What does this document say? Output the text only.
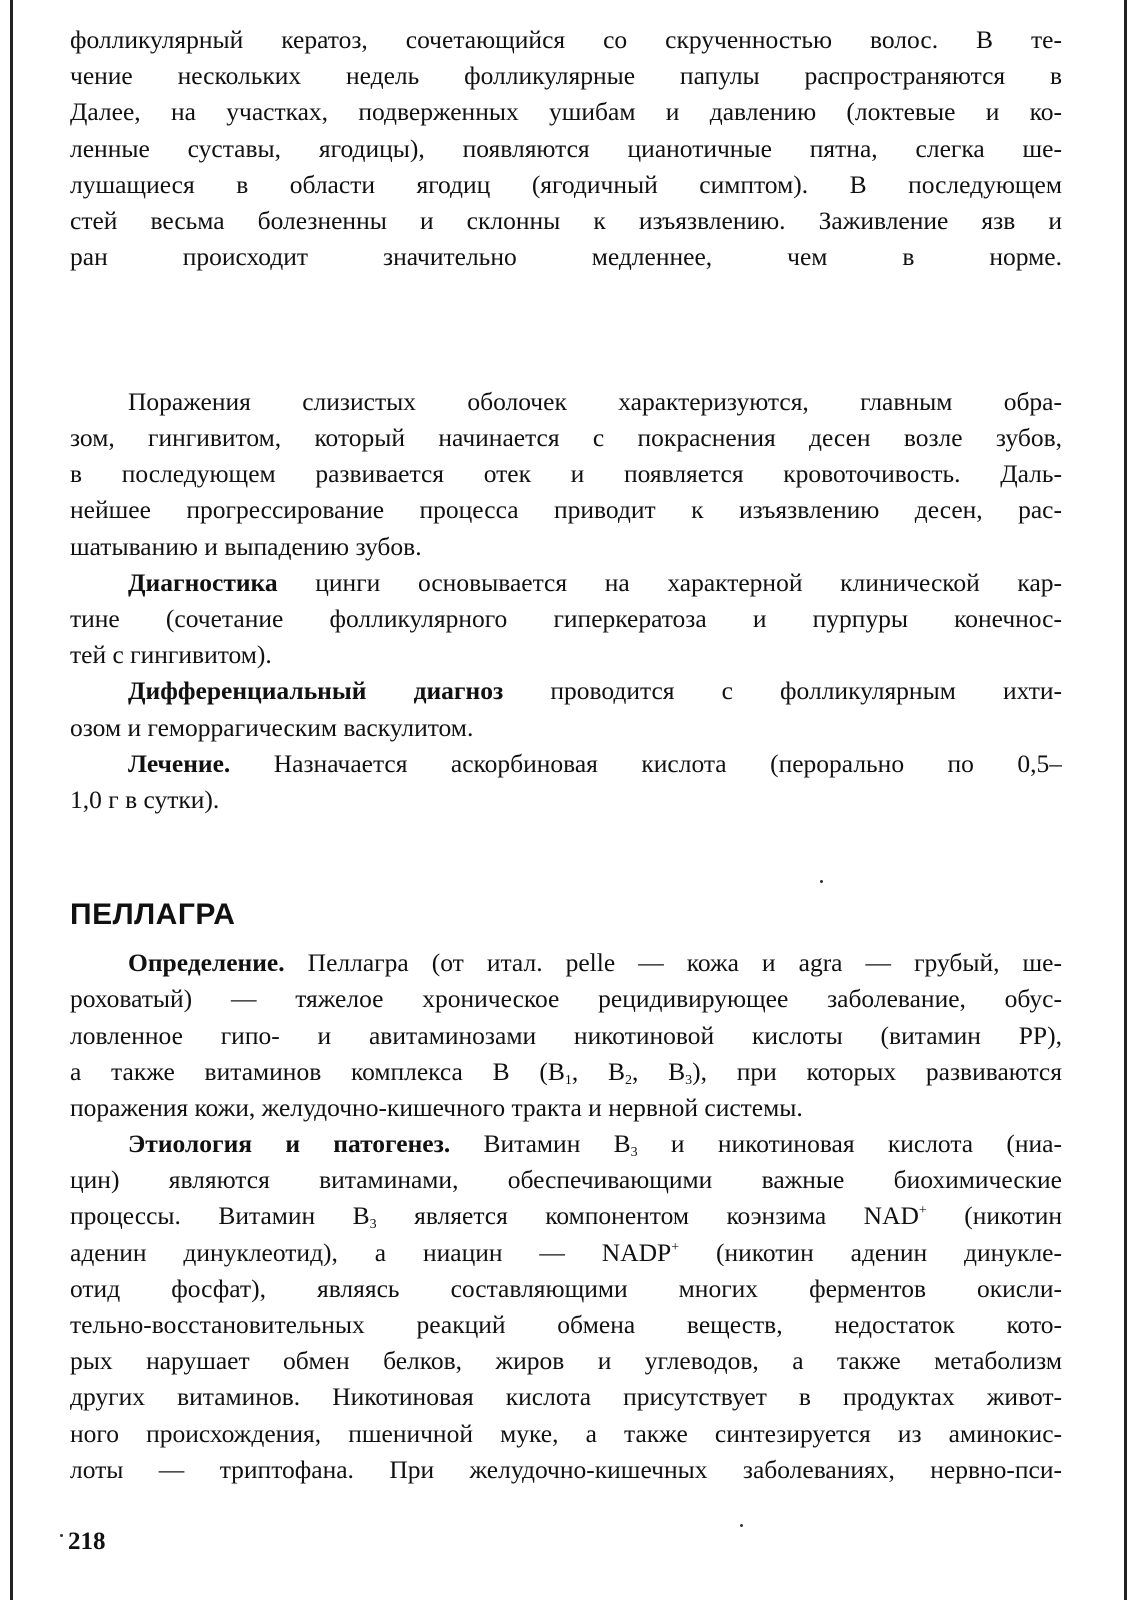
фолликулярный кератоз, сочетающийся со скрученностью волос. В те-
чение нескольких недель фолликулярные папулы распространяются в
Далее, на участках, подверженных ушибам и давлению (локтевые и ко-
ленные суставы, ягодицы), появляются цианотичные пятна, слегка ше-
лушащиеся в области ягодиц (ягодичный симптом). В последующем
стей весьма болезненны и склонны к изъязвлению. Заживление язв и
ран происходит значительно медленнее, чем в норме.
Поражения слизистых оболочек характеризуются, главным обра-
зом, гингивитом, который начинается с покраснения десен возле зубов,
в последующем развивается отек и появляется кровоточивость. Даль-
нейшее прогрессирование процесса приводит к изъязвлению десен, рас-
шатыванию и выпадению зубов.
Диагностика цинги основывается на характерной клинической кар-
тине (сочетание фолликулярного гиперкератоза и пурпуры конечнос-
тей с гингивитом).
Дифференциальный диагноз проводится с фолликулярным ихти-
озом и геморрагическим васкулитом.
Лечение. Назначается аскорбиновая кислота (перорально по 0,5–
1,0 г в сутки).
ПЕЛЛАГРА
Определение. Пеллагра (от итал. pelle — кожа и agra — грубый, ше-
роховатый) — тяжелое хроническое рецидивирующее заболевание, обус-
ловленное гипо- и авитаминозами никотиновой кислоты (витамин PP),
а также витаминов комплекса B ($B_1$, $B_2$, $B_3$), при которых развиваются
поражения кожи, желудочно-кишечного тракта и нервной системы.
Этиология и патогенез. Витамин $B_3$ и никотиновая кислота (ниа-
цин) являются витаминами, обеспечивающими важные биохимические
процессы. Витамин $B_3$ является компонентом коэнзима NAD+ (никотин
аденин динуклеотид), а ниацин — NADP+ (никотин аденин динукле-
отид фосфат), являясь составляющими многих ферментов окисли-
тельно-восстановительных реакций обмена веществ, недостаток кото-
рых нарушает обмен белков, жиров и углеводов, а также метаболизм
других витаминов. Никотиновая кислота присутствует в продуктах живот-
ного происхождения, пшеничной муке, а также синтезируется из аминокис-
лоты — триптофана. При желудочно-кишечных заболеваниях, нервно-пси-
218
